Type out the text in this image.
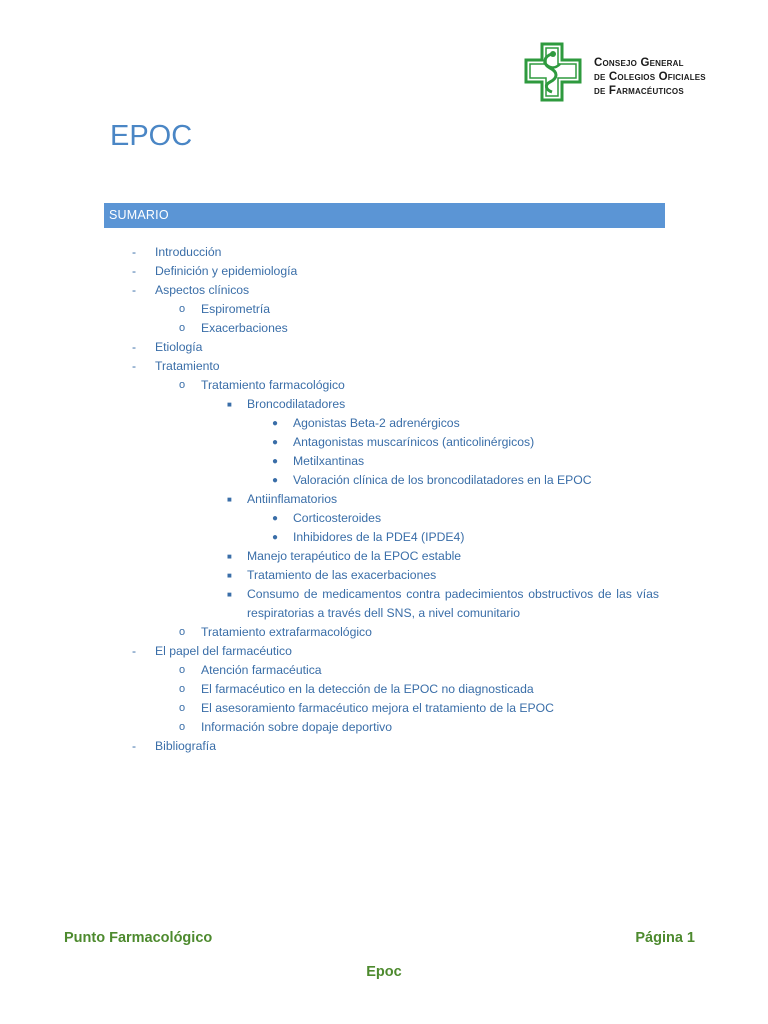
Consejo General
de Colegios Oficiales
de Farmacéuticos
EPOC
SUMARIO
- Introducción
- Definición y epidemiología
- Aspectos clínicos
o Espirometría
o Exacerbaciones
- Etiología
- Tratamiento
o Tratamiento farmacológico
■ Broncodilatadores
● Agonistas Beta-2 adrenérgicos
● Antagonistas muscarínicos (anticolinérgicos)
● Metilxantinas
● Valoración clínica de los broncodilatadores en la EPOC
■ Antiinflamatorios
● Corticosteroides
● Inhibidores de la PDE4 (IPDE4)
■ Manejo terapéutico de la EPOC estable
■ Tratamiento de las exacerbaciones
■ Consumo de medicamentos contra padecimientos obstructivos de las vías respiratorias a través dell SNS, a nivel comunitario
o Tratamiento extrafarmacológico
- El papel del farmacéutico
o Atención farmacéutica
o El farmacéutico en la detección de la EPOC no diagnosticada
o El asesoramiento farmacéutico mejora el tratamiento de la EPOC
o Información sobre dopaje deportivo
- Bibliografía
Punto Farmacológico	Página 1
Epoc
